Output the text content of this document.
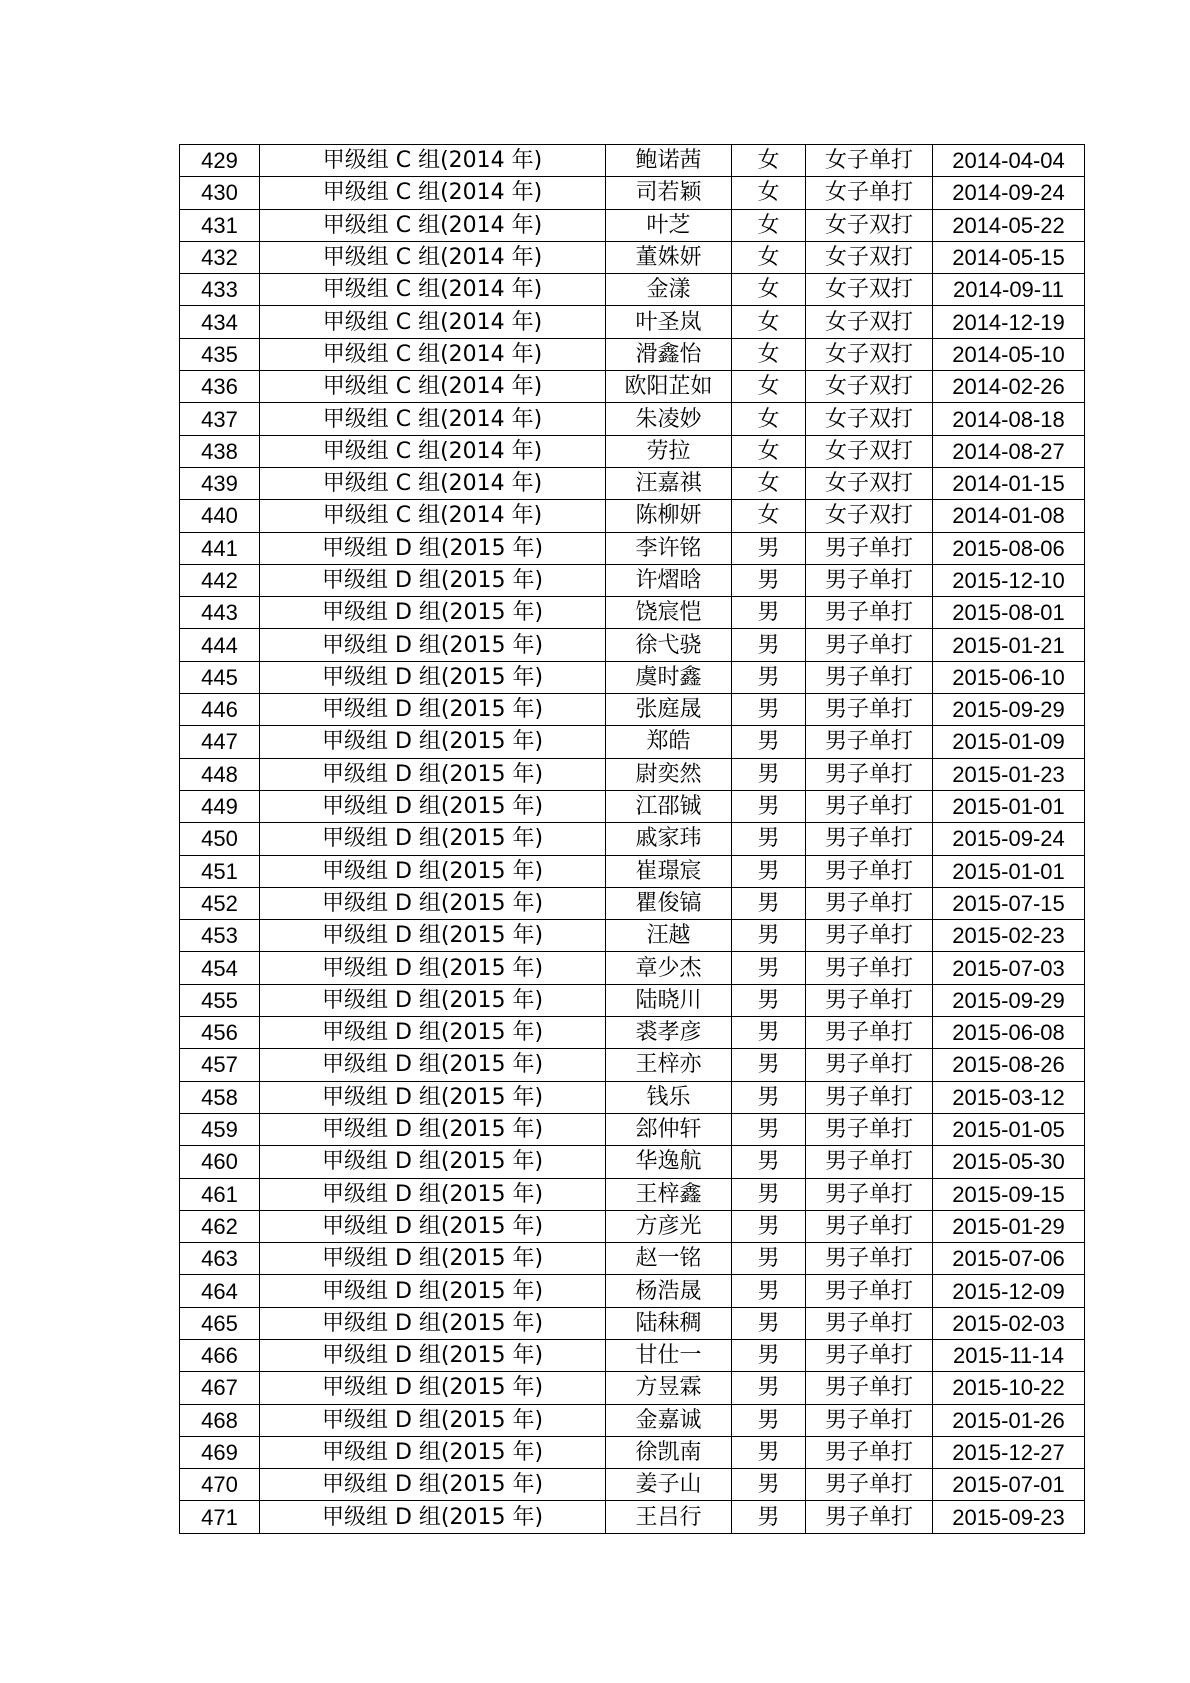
429	甲级组 C 组(2014 年)	鲍诺茜	女	女子单打	2014-04-04
430	甲级组 C 组(2014 年)	司若颖	女	女子单打	2014-09-24
431	甲级组 C 组(2014 年)	叶芝	女	女子双打	2014-05-22
432	甲级组 C 组(2014 年)	董姝妍	女	女子双打	2014-05-15
433	甲级组 C 组(2014 年)	金漾	女	女子双打	2014-09-11
434	甲级组 C 组(2014 年)	叶圣岚	女	女子双打	2014-12-19
435	甲级组 C 组(2014 年)	滑鑫怡	女	女子双打	2014-05-10
436	甲级组 C 组(2014 年)	欧阳芷如	女	女子双打	2014-02-26
437	甲级组 C 组(2014 年)	朱凌妙	女	女子双打	2014-08-18
438	甲级组 C 组(2014 年)	劳拉	女	女子双打	2014-08-27
439	甲级组 C 组(2014 年)	汪嘉祺	女	女子双打	2014-01-15
440	甲级组 C 组(2014 年)	陈柳妍	女	女子双打	2014-01-08
441	甲级组 D 组(2015 年)	李许铭	男	男子单打	2015-08-06
442	甲级组 D 组(2015 年)	许熠晗	男	男子单打	2015-12-10
443	甲级组 D 组(2015 年)	饶宸恺	男	男子单打	2015-08-01
444	甲级组 D 组(2015 年)	徐弋骁	男	男子单打	2015-01-21
445	甲级组 D 组(2015 年)	虞时鑫	男	男子单打	2015-06-10
446	甲级组 D 组(2015 年)	张庭晟	男	男子单打	2015-09-29
447	甲级组 D 组(2015 年)	郑皓	男	男子单打	2015-01-09
448	甲级组 D 组(2015 年)	尉奕然	男	男子单打	2015-01-23
449	甲级组 D 组(2015 年)	江邵铖	男	男子单打	2015-01-01
450	甲级组 D 组(2015 年)	戚家玮	男	男子单打	2015-09-24
451	甲级组 D 组(2015 年)	崔璟宸	男	男子单打	2015-01-01
452	甲级组 D 组(2015 年)	瞿俊镐	男	男子单打	2015-07-15
453	甲级组 D 组(2015 年)	汪越	男	男子单打	2015-02-23
454	甲级组 D 组(2015 年)	章少杰	男	男子单打	2015-07-03
455	甲级组 D 组(2015 年)	陆晓川	男	男子单打	2015-09-29
456	甲级组 D 组(2015 年)	裘孝彦	男	男子单打	2015-06-08
457	甲级组 D 组(2015 年)	王梓亦	男	男子单打	2015-08-26
458	甲级组 D 组(2015 年)	钱乐	男	男子单打	2015-03-12
459	甲级组 D 组(2015 年)	郐仲轩	男	男子单打	2015-01-05
460	甲级组 D 组(2015 年)	华逸航	男	男子单打	2015-05-30
461	甲级组 D 组(2015 年)	王梓鑫	男	男子单打	2015-09-15
462	甲级组 D 组(2015 年)	方彦光	男	男子单打	2015-01-29
463	甲级组 D 组(2015 年)	赵一铭	男	男子单打	2015-07-06
464	甲级组 D 组(2015 年)	杨浩晟	男	男子单打	2015-12-09
465	甲级组 D 组(2015 年)	陆秣稠	男	男子单打	2015-02-03
466	甲级组 D 组(2015 年)	甘仕一	男	男子单打	2015-11-14
467	甲级组 D 组(2015 年)	方昱霖	男	男子单打	2015-10-22
468	甲级组 D 组(2015 年)	金嘉诚	男	男子单打	2015-01-26
469	甲级组 D 组(2015 年)	徐凯南	男	男子单打	2015-12-27
470	甲级组 D 组(2015 年)	姜子山	男	男子单打	2015-07-01
471	甲级组 D 组(2015 年)	王吕行	男	男子单打	2015-09-23
